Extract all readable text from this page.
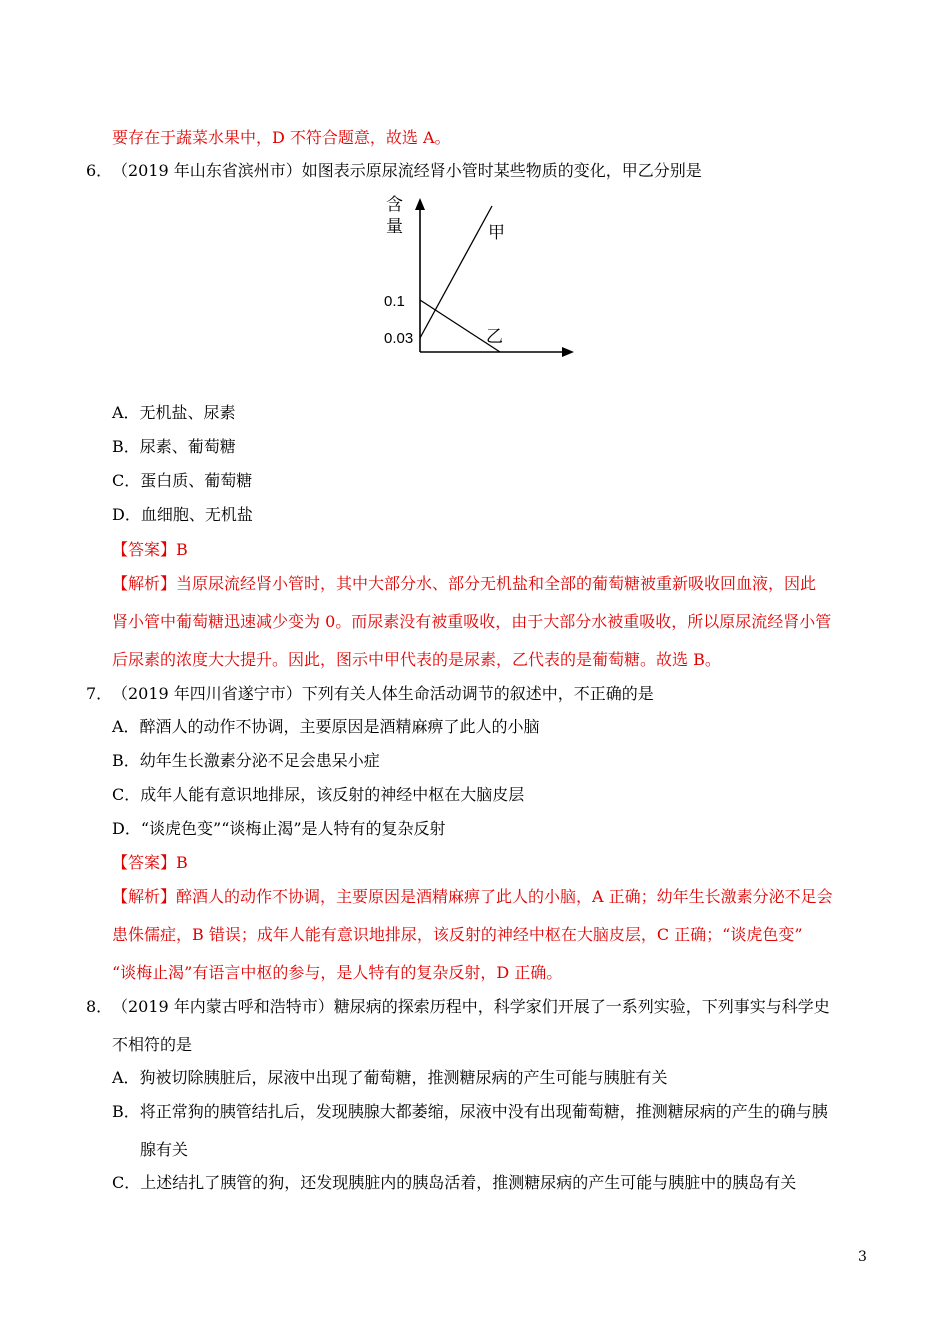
要存在于蔬菜水果中，D 不符合题意，故选 A。
6． （2019 年山东省滨州市）如图表示原尿流经肾小管时某些物质的变化，甲乙分别是
含
量
0.1
0.03
甲
乙
A．无机盐、尿素
B．尿素、葡萄糖
C．蛋白质、葡萄糖
D．血细胞、无机盐
【答案】B
【解析】当原尿流经肾小管时，其中大部分水、部分无机盐和全部的葡萄糖被重新吸收回血液，因此
肾小管中葡萄糖迅速减少变为 0。而尿素没有被重吸收，由于大部分水被重吸收，所以原尿流经肾小管
后尿素的浓度大大提升。因此，图示中甲代表的是尿素，乙代表的是葡萄糖。故选 B。
7． （2019 年四川省遂宁市）下列有关人体生命活动调节的叙述中，不正确的是
A．醉酒人的动作不协调，主要原因是酒精麻痹了此人的小脑
B．幼年生长激素分泌不足会患呆小症
C．成年人能有意识地排尿，该反射的神经中枢在大脑皮层
D．“谈虎色变”“谈梅止渴”是人特有的复杂反射
【答案】B
【解析】醉酒人的动作不协调，主要原因是酒精麻痹了此人的小脑，A 正确；幼年生长激素分泌不足会
患侏儒症，B 错误；成年人能有意识地排尿，该反射的神经中枢在大脑皮层，C 正确；“谈虎色变”
“谈梅止渴”有语言中枢的参与，是人特有的复杂反射，D 正确。
8． （2019 年内蒙古呼和浩特市）糖尿病的探索历程中，科学家们开展了一系列实验，下列事实与科学史
不相符的是
A．狗被切除胰脏后，尿液中出现了葡萄糖，推测糖尿病的产生可能与胰脏有关
B．将正常狗的胰管结扎后，发现胰腺大都萎缩，尿液中没有出现葡萄糖，推测糖尿病的产生的确与胰
腺有关
C．上述结扎了胰管的狗，还发现胰脏内的胰岛活着，推测糖尿病的产生可能与胰脏中的胰岛有关
3
